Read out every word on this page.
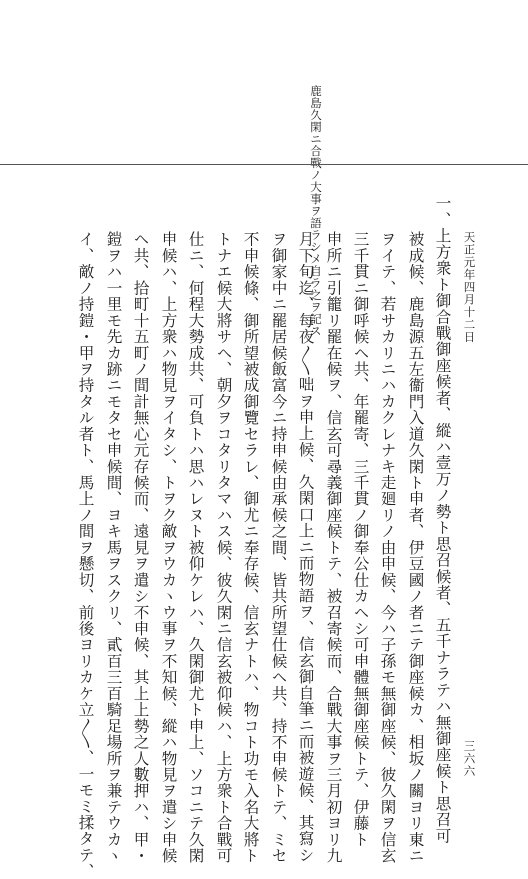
天正元年四月十二日
三六六
鹿島久閑ニ合戰ノ大事ヲ語ラシメ自ラ之ヲ記ス	一、上方衆ト御合戰御座候者、縱ハ壹万ノ勢ト思召候者、五千ナラテハ無御座候ト思召可
被成候、鹿島源五左衞門入道久閑ト申者、伊豆國ノ者ニテ御座候カ、相坂ノ關ヨリ東ニ
ヲイテ、若サカリニハカクレナキ走廻リノ由申候、今ハ子孫モ無御座候、彼久閑ヲ信玄
三千貫ニ御呼候ヘ共、年罷寄、三千貫ノ御奉公仕カヘシ可申體無御座候トテ、伊藤ト
申所ニ引籠リ罷在候ヲ、信玄可尋義御座候トテ、被召寄候而、合戰大事ヲ三月初ヨリ九
月下旬迄、每夜〳〵咄ヲ申上候、久閑口上ニ而物語ヲ、信玄御自筆ニ而被遊候、其寫シ
ヲ御家中ニ罷居候飯富今ニ持申候由承候之間、皆共所望仕候ヘ共、持不申候トテ、ミセ
不申候條、御所望被成御覽セラレ、御尤ニ奉存候、信玄ナトハ、物コト功モ入名大將ト
トナエ候大將サヘ、朝夕ヲコタリタマハス候、彼久閑ニ信玄被仰候ハ、上方衆ト合戰可
仕ニ、何程大勢成共、可負トハ思ハレヌト被仰ケレハ、久閑御尤ト申上、ソコニテ久閑
申候ハ、上方衆ハ物見ヲイタシ、トヲク敵ヲウカヽウ事ヲ不知候、縱ハ物見ヲ遣シ申候
ヘ共、拾町十五町ノ間計無心元存候而、遠見ヲ遣シ不申候、其上上勢之人數押ハ、甲・
鎧ヲハ一里モ先カ跡ニモタセ申候間、ヨキ馬ヲスクリ、貳百三百騎足場所ヲ兼テウカヽ
イ、敵ノ持鎧・甲ヲ持タル者ト、馬上ノ間ヲ懸切、前後ヨリカケ立〳〵、一モミ揉タテ、
